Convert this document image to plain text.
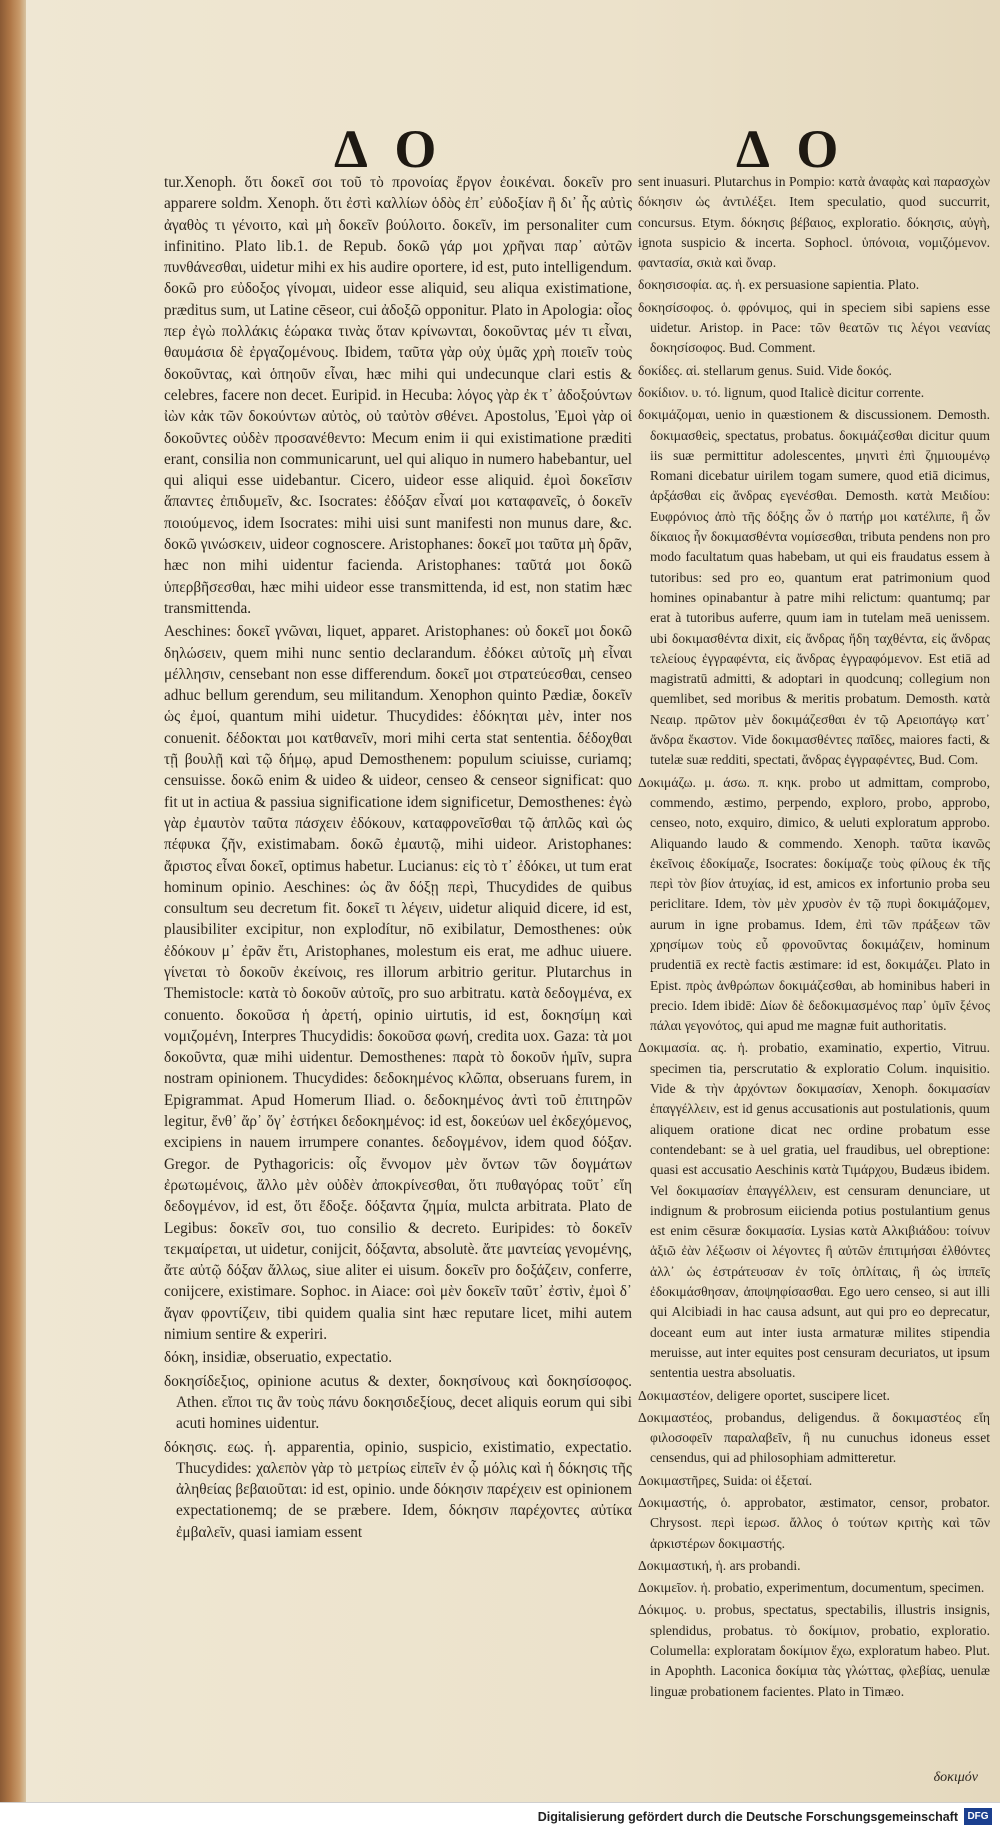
Δ Ο	Δ Ο

tur.Xenoph. ὅτι δοκεῖ σοι τοῦ τὸ προνοίας ἔργον ἐοικέναι. δοκεῖν pro apparere soldm. Xenoph. ὅτι ἐστὶ καλλίων ὁδὸς ἐπ᾽ εὐδοξίαν ἢ δι᾽ ἧς αὐτὶς ἀγαθὸς τι γένοιτο, καὶ μὴ δοκεῖν βούλοιτο. δοκεῖν, im personaliter cum infinitino. Plato lib.1. de Repub. δοκῶ γάρ μοι χρῆναι παρ᾽ αὐτῶν πυνθάνεσθαι, uidetur mihi ex his audire oportere, id est, puto intelligendum. δοκῶ pro εὐδοξος γίνομαι, uideor esse aliquid, seu aliqua existimatione, præditus sum, ut Latine cēseor, cui ἀδοξῶ opponitur. Plato in Apologia: οἷος περ ἐγὼ πολλάκις ἑώρακα τινὰς ὅταν κρίνωνται, δοκοῦντας μέν τι εἶναι, θαυμάσια δὲ ἐργαζομένους. Ibidem, ταῦτα γὰρ οὐχ ὑμᾶς χρὴ ποιεῖν τοὺς δοκοῦντας, καὶ ὁπηοῦν εἶναι, hæc mihi qui undecunque clari estis & celebres, facere non decet. Euripid. in Hecuba: λόγος γὰρ ἐκ τ᾽ ἀδοξούντων ἰὼν κἀκ τῶν δοκούντων αὐτὸς, οὐ ταὐτὸν σθένει. Apostolus, Ἐμοὶ γὰρ οἱ δοκοῦντες οὐδὲν προσανέθεντο: Mecum enim ii qui existimatione præditi erant, consilia non communicarunt, uel qui aliquo in numero habebantur, uel qui aliqui esse uidebantur. Cicero, uideor esse aliquid. ἐμοὶ δοκεῖσιν ἅπαντες ἐπιδυμεῖν, &c. Isocrates: ἐδόξαν εἶναί μοι καταφανεῖς, ὁ δοκεῖν ποιούμενος, idem Isocrates: mihi uisi sunt manifesti non munus dare, &c. δοκῶ γινώσκειν, uideor cognoscere. Aristophanes: δοκεῖ μοι ταῦτα μὴ δρᾶν, hæc non mihi uidentur facienda. Aristophanes: ταῦτά μοι δοκῶ ὑπερβῆσεσθαι, hæc mihi uideor esse transmittenda, id est, non statim hæc transmittenda.

Aeschines: δοκεῖ γνῶναι, liquet, apparet. Aristophanes: οὐ δοκεῖ μοι δοκῶ δηλώσειν, quem mihi nunc sentio declarandum. ἐδόκει αὐτοῖς μὴ εἶναι μέλλησιν, censebant non esse differendum. δοκεῖ μοι στρατεύεσθαι, censeo adhuc bellum gerendum, seu militandum. Xenophon quinto Pædiæ, δοκεῖν ὡς ἐμοί, quantum mihi uidetur. Thucydides: ἐδόκηται μὲν, inter nos conuenit. δέδοκται μοι κατθανεῖν, mori mihi certa stat sententia. δέδοχθαι τῇ βουλῇ καὶ τῷ δήμῳ, apud Demosthenem: populum sciuisse, curiamq; censuisse. δοκῶ enim & uideo & uideor, censeo & censeor significat: quo fit ut in actiua & passiua significatione idem significetur, Demosthenes: ἐγὼ γὰρ ἐμαυτὸν ταῦτα πάσχειν ἐδόκουν, καταφρονεῖσθαι τῷ ἁπλῶς καὶ ὡς πέφυκα ζῆν, existimabam. δοκῶ ἐμαυτῷ, mihi uideor. Aristophanes: ἄριστος εἶναι δοκεῖ, optimus habetur. Lucianus: εἰς τὸ τ᾽ ἐδόκει, ut tum erat hominum opinio. Aeschines: ὡς ἂν δόξῃ περὶ, Thucydides de quibus consultum seu decretum fit. δοκεῖ τι λέγειν, uidetur aliquid dicere, id est, plausibiliter excipitur, non explodítur, nō exibilatur, Demosthenes: οὐκ ἐδόκουν μ᾽ ἐρᾶν ἔτι, Aristophanes, molestum eis erat, me adhuc uiuere. γίνεται τὸ δοκοῦν ἐκείνοις, res illorum arbitrio geritur. Plutarchus in Themistocle: κατὰ τὸ δοκοῦν αὐτοῖς, pro suo arbitratu. κατὰ δεδογμένα, ex conuento. δοκοῦσα ἡ ἀρετή, opinio uirtutis, id est, δοκησίμη καὶ νομιζομένη, Interpres Thucydidis: δοκοῦσα φωνή, credita uox. Gaza: τὰ μοι δοκοῦντα, quæ mihi uidentur. Demosthenes: παρὰ τὸ δοκοῦν ἡμῖν, supra nostram opinionem. Thucydides: δεδοκημένος κλῶπα, obseruans furem, in Epigrammat. Apud Homerum Iliad. ο. δεδοκημένος ἀντὶ τοῦ ἐπιτηρῶν legitur, ἔνθ᾽ ἄρ᾽ ὅγ᾽ ἑστήκει δεδοκημένος: id est, δοκεύων uel ἐκδεχόμενος, excipiens in nauem irrumpere conantes. δεδογμένον, idem quod δόξαν. Gregor. de Pythagoricis: οἷς ἔννομον μὲν ὄντων τῶν δογμάτων ἐρωτωμένοις, ἄλλο μὲν οὐδὲν ἀποκρίνεσθαι, ὅτι πυθαγόρας τοῦτ᾽ εἴη δεδογμένον, id est, ὅτι ἔδοξε. δόξαντα ζημία, mulcta arbitrata. Plato de Legibus: δοκεῖν σοι, tuo consilio & decreto. Euripides: τὸ δοκεῖν τεκμαίρεται, ut uidetur, conijcit, δόξαντα, absolutè. ἄτε μαντείας γενομένης, ἄτε αὐτῷ δόξαν ἄλλως, siue aliter ei uisum. δοκεῖν pro δοξάζειν, conferre, conijcere, existimare. Sophoc. in Aiace: σοὶ μὲν δοκεῖν ταῦτ᾽ ἐστὶν, ἐμοὶ δ᾽ ἄγαν φροντίζειν, tibi quidem qualia sint hæc reputare licet, mihi autem nimium sentire & experiri.

δόκη, insidiæ, obseruatio, expectatio.

δοκησίδεξιος, opinione acutus & dexter, δοκησίνους καὶ δοκησίσοφος. Athen. εἴποι τις ἂν τοὺς πάνυ δοκησιδεξίους, decet aliquis eorum qui sibi acuti homines uidentur.

δόκησις. εως. ἡ. apparentia, opinio, suspicio, existimatio, expectatio. Thucydides: χαλεπὸν γὰρ τὸ μετρίως εἰπεῖν ἐν ᾧ μόλις καὶ ἡ δόκησις τῆς ἀληθείας βεβαιοῦται: id est, opinio. unde δόκησιν παρέχειν est opinionem expectationemq; de se præbere. Idem, δόκησιν παρέχοντες αὐτίκα ἐμβαλεῖν, quasi iamiam essent

sent inuasuri. Plutarchus in Pompio: κατὰ ἀναφὰς καὶ παρασχὼν δόκησιν ὡς ἀντιλέξει. Item speculatio, quod succurrit, concursus. Etym. δόκησις βέβαιος, exploratio. δόκησις, αὐγὴ, ignota suspicio & incerta. Sophocl. ὑπόνοια, νομιζόμενον. φαντασία, σκιὰ καὶ ὄναρ.

δοκησισοφία. ας. ἡ. ex persuasione sapientia. Plato.

δοκησίσοφος. ὁ. φρόνιμος, qui in speciem sibi sapiens esse uidetur. Aristop. in Pace: τῶν θεατῶν τις λέγοι νεανίας δοκησίσοφος. Bud. Comment.

δοκίδες. αἱ. stellarum genus. Suid. Vide δοκός.

δοκίδιον. υ. τό. lignum, quod Italicè dicitur corrente.

δοκιμάζομαι, uenio in quæstionem & discussionem. Demosth. δοκιμασθεὶς, spectatus, probatus. δοκιμάζεσθαι dicitur quum iis suæ permittitur adolescentes, μηνιτὶ ἐπὶ ζημιουμένῳ Romani dicebatur uirilem togam sumere, quod etiā dicimus, ἀρξάσθαι εἰς ἄνδρας εγενέσθαι. Demosth. κατὰ Μειδίου: Ευφρόνιος ἀπὸ τῆς δόξης ὧν ὁ πατήρ μοι κατέλιπε, ἢ ὧν δίκαιος ἦν δοκιμασθέντα νομίσεσθαι, tributa pendens non pro modo facultatum quas habebam, ut qui eis fraudatus essem à tutoribus: sed pro eo, quantum erat patrimonium quod homines opinabantur à patre mihi relictum: quantumq; par erat à tutoribus auferre, quum iam in tutelam meā uenissem. ubi δοκιμασθέντα dixit, εἰς ἄνδρας ἤδη ταχθέντα, εἰς ἄνδρας τελείους ἐγγραφέντα, εἰς ἄνδρας ἐγγραφόμενον. Est etiā ad magistratū admitti, & adoptari in quodcunq; collegium non quemlibet, sed moribus & meritis probatum. Demosth. κατὰ Νεαιρ. πρῶτον μὲν δοκιμάζεσθαι ἐν τῷ Αρειοπάγῳ κατ᾽ ἄνδρα ἕκαστον. Vide δοκιμασθέντες παῖδες, maiores facti, & tutelæ suæ redditi, spectati, ἄνδρας ἐγγραφέντες, Bud. Com.

Δοκιμάζω. μ. άσω. π. κηκ. probo ut admittam, comprobo, commendo, æstimo, perpendo, exploro, probo, approbo, censeo, noto, exquiro, dimico, & ueluti exploratum approbo. Aliquando laudo & commendo. Xenoph. ταῦτα ἱκανῶς ἐκεῖνοις ἐδοκίμαζε, Isocrates: δοκίμαζε τοὺς φίλους ἐκ τῆς περὶ τὸν βίον ἀτυχίας, id est, amicos ex infortunio proba seu periclitare. Idem, τὸν μὲν χρυσὸν ἐν τῷ πυρὶ δοκιμάζομεν, aurum in igne probamus. Idem, ἐπὶ τῶν πράξεων τῶν χρησίμων τοὺς εὖ φρονοῦντας δοκιμάζειν, hominum prudentiā ex rectè factis æstimare: id est, δοκιμάζει. Plato in Epist. πρὸς ἀνθρώπων δοκιμάζεσθαι, ab hominibus haberi in precio. Idem ibidē: Δίων δὲ δεδοκιμασμένος παρ᾽ ὑμῖν ξένος πάλαι γεγονότος, qui apud me magnæ fuit authoritatis.

Δοκιμασία. ας. ἡ. probatio, examinatio, expertio, Vitruu. specimen tia, perscrutatio & exploratio Colum. inquisitio. Vide & τὴν ἀρχόντων δοκιμασίαν, Xenoph. δοκιμασίαν ἐπαγγέλλειν, est id genus accusationis aut postulationis, quum aliquem oratione dicat nec ordine probatum esse contendebant: se à uel gratia, uel fraudibus, uel obreptione: quasi est accusatio Aeschinis κατὰ Τιμάρχου, Budæus ibidem. Vel δοκιμασίαν ἐπαγγέλλειν, est censuram denunciare, ut indignum & probrosum eiicienda potius postulantium genus est enim cēsuræ δοκιμασία. Lysias κατὰ Αλκιβιάδου: τοίνυν ἀξιῶ ἐὰν λέξωσιν οἱ λέγοντες ἢ αὐτῶν ἐπιτιμήσαι ἐλθόντες ἀλλ᾽ ὡς ἐστράτευσαν ἐν τοῖς ὁπλίταις, ἢ ὡς ἱππεῖς ἐδοκιμάσθησαν, ἀποψηφίσασθαι. Ego uero censeo, si aut illi qui Alcibiadi in hac causa adsunt, aut qui pro eo deprecatur, doceant eum aut inter iusta armaturæ milites stipendia meruisse, aut inter equites post censuram decuriatos, ut ipsum sententia uestra absoluatis.

Δοκιμαστέον, deligere oportet, suscipere licet.

Δοκιμαστέος, probandus, deligendus. ἃ δοκιμαστέος εἴη φιλοσοφεῖν παραλαβεῖν, ἢ nu cunuchus idoneus esset censendus, qui ad philosophiam admitteretur.

Δοκιμαστῆρες, Suida: οἱ ἐξεταί.

Δοκιμαστής, ὁ. approbator, æstimator, censor, probator. Chrysost. περὶ ἱερωσ. ἄλλος ὁ τούτων κριτὴς καὶ τῶν ἀρκιστέρων δοκιμαστής.

Δοκιμαστική, ἡ. ars probandi.

Δοκιμεῖον. ἡ. probatio, experimentum, documentum, specimen.

Δόκιμος. υ. probus, spectatus, spectabilis, illustris insignis, splendidus, probatus. τὸ δοκίμιον, probatio, exploratio. Columella: exploratam δοκίμιον ἔχω, exploratum habeo. Plut. in Apophth. Laconica δοκίμια τὰς γλώττας, φλεβίας, uenulæ linguæ probationem facientes. Plato in Timæo.

δοκιμόν
Digitalisierung gefördert durch die Deutsche Forschungsgemeinschaft DFG
